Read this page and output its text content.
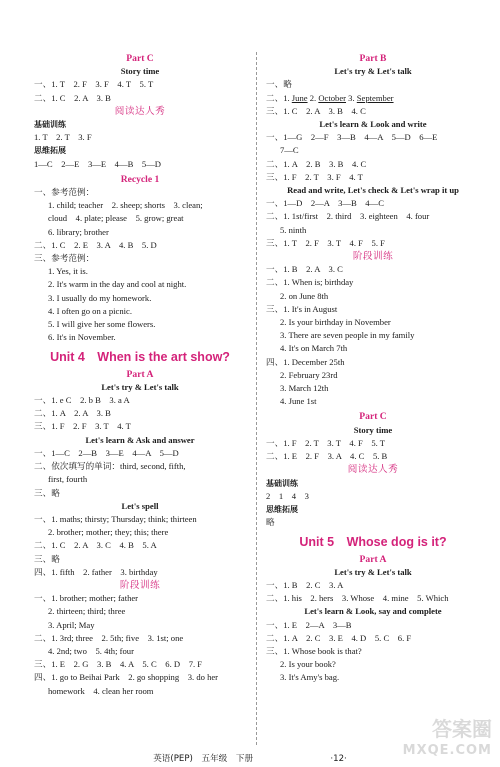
Part C
Story time
一、1. T　2. F　3. F　4. T　5. T
二、1. C　2. A　3. B
阅读达人秀
基础训练
1. T　2. T　3. F
思维拓展
1—C　2—E　3—E　4—B　5—D
Recycle 1
一、参考范例：
1. child; teacher　2. sheep; shorts　3. clean;
cloud　4. plate; please　5. grow; great
6. library; brother
二、1. C　2. E　3. A　4. B　5. D
三、参考范例：
1. Yes, it is.
2. It's warm in the day and cool at night.
3. I usually do my homework.
4. I often go on a picnic.
5. I will give her some flowers.
6. It's in November.
Unit 4　When is the art show?
Part A
Let's try & Let's talk
一、1. e C　2. b B　3. a A
二、1. A　2. A　3. B
三、1. F　2. F　3. T　4. T
Let's learn & Ask and answer
一、1—C　2—B　3—E　4—A　5—D
二、依次填写的单词：third, second, fifth,
first, fourth
三、略
Let's spell
一、1. maths; thirsty; Thursday; think; thirteen
2. brother; mother; they; this; there
二、1. C　2. A　3. C　4. B　5. A
三、略
四、1. fifth　2. father　3. birthday
阶段训练
一、1. brother; mother; father
2. thirteen; third; three
3. April; May
二、1. 3rd; three　2. 5th; five　3. 1st; one
4. 2nd; two　5. 4th; four
三、1. E　2. G　3. B　4. A　5. C　6. D　7. F
四、1. go to Beihai Park　2. go shopping　3. do her
homework　4. clean her room
Part B
Let's try & Let's talk
一、略
二、1. June 2. October 3. September
三、1. C　2. A　3. B　4. C
Let's learn & Look and write
一、1—G　2—F　3—B　4—A　5—D　6—E
7—C
二、1. A　2. B　3. B　4. C
三、1. F　2. T　3. F　4. T
Read and write, Let's check & Let's wrap it up
一、1—D　2—A　3—B　4—C
二、1. 1st/first　2. third　3. eighteen　4. four
5. ninth
三、1. T　2. F　3. T　4. F　5. F
阶段训练
一、1. B　2. A　3. C
二、1. When is; birthday
2. on June 8th
三、1. It's in August
2. Is your birthday in November
3. There are seven people in my family
4. It's on March 7th
四、1. December 25th
2. February 23rd
3. March 12th
4. June 1st
Part C
Story time
一、1. F　2. T　3. T　4. F　5. T
二、1. E　2. F　3. A　4. C　5. B
阅读达人秀
基础训练
2　1　4　3
思维拓展
略
Unit 5　Whose dog is it?
Part A
Let's try & Let's talk
一、1. B　2. C　3. A
二、1. his　2. hers　3. Whose　4. mine　5. Which
Let's learn & Look, say and complete
一、1. E　2—A　3—B
二、1. A　2. C　3. E　4. D　5. C　6. F
三、1. Whose book is that?
2. Is your book?
3. It's Amy's bag.
英语(PEP)　五年级　下册　　　　　　　　　·12·
答案圈
MXQE.COM
